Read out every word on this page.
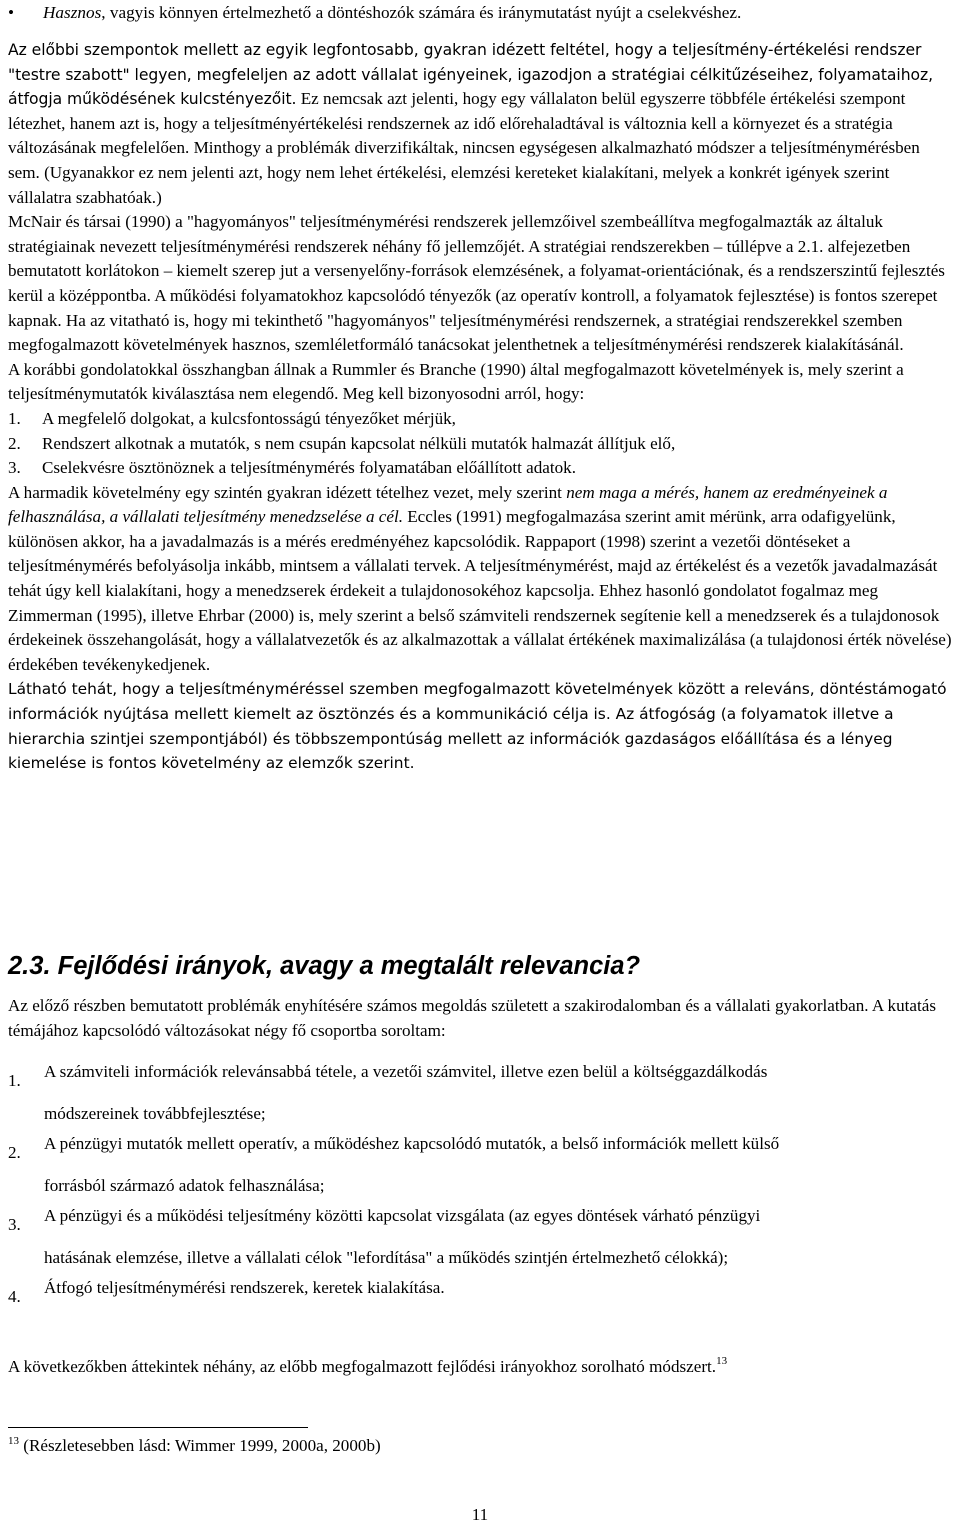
•	Hasznos, vagyis könnyen értelmezhető a döntéshozók számára és iránymutatást nyújt a cselekvéshez.

Az előbbi szempontok mellett az egyik legfontosabb, gyakran idézett feltétel, hogy a teljesítmény-értékelési rendszer "testre szabott" legyen, megfeleljen az adott vállalat igényeinek, igazodjon a stratégiai célkitűzéseihez, folyamataihoz, átfogja működésének kulcstényezőit. Ez nemcsak azt jelenti, hogy egy vállalaton belül egyszerre többféle értékelési szempont létezhet, hanem azt is, hogy a teljesítményértékelési rendszernek az idő előrehaladtával is változnia kell a környezet és a stratégia változásának megfelelően. Minthogy a problémák diverzifikáltak, nincsen egységesen alkalmazható módszer a teljesítménymérésben sem. (Ugyanakkor ez nem jelenti azt, hogy nem lehet értékelési, elemzési kereteket kialakítani, melyek a konkrét igények szerint vállalatra szabhatóak.)

McNair és társai (1990) a "hagyományos" teljesítménymérési rendszerek jellemzőivel szembeállítva megfogalmazták az általuk stratégiainak nevezett teljesítménymérési rendszerek néhány fő jellemzőjét. A stratégiai rendszerekben – túllépve a 2.1. alfejezetben bemutatott korlátokon – kiemelt szerep jut a versenyelőny-források elemzésének, a folyamat-orientációnak, és a rendszerszintű fejlesztés kerül a középpontba. A működési folyamatokhoz kapcsolódó tényezők (az operatív kontroll, a folyamatok fejlesztése) is fontos szerepet kapnak. Ha az vitatható is, hogy mi tekinthető "hagyományos" teljesítménymérési rendszernek, a stratégiai rendszerekkel szemben megfogalmazott követelmények hasznos, szemléletformáló tanácsokat jelenthetnek a teljesítménymérési rendszerek kialakításánál.

A korábbi gondolatokkal összhangban állnak a Rummler és Branche (1990) által megfogalmazott követelmények is, mely szerint a teljesítménymutatók kiválasztása nem elegendő. Meg kell bizonyosodni arról, hogy:

1.	A megfelelő dolgokat, a kulcsfontosságú tényezőket mérjük,
2.	Rendszert alkotnak a mutatók, s nem csupán kapcsolat nélküli mutatók halmazát állítjuk elő,
3.	Cselekvésre ösztönöznek a teljesítménymérés folyamatában előállított adatok.

A harmadik követelmény egy szintén gyakran idézett tételhez vezet, mely szerint nem maga a mérés, hanem az eredményeinek a felhasználása, a vállalati teljesítmény menedzselése a cél. Eccles (1991) megfogalmazása szerint amit mérünk, arra odafigyelünk, különösen akkor, ha a javadalmazás is a mérés eredményéhez kapcsolódik. Rappaport (1998) szerint a vezetői döntéseket a teljesítménymérés befolyásolja inkább, mintsem a vállalati tervek. A teljesítménymérést, majd az értékelést és a vezetők javadalmazását tehát úgy kell kialakítani, hogy a menedzserek érdekeit a tulajdonosokéhoz kapcsolja. Ehhez hasonló gondolatot fogalmaz meg Zimmerman (1995), illetve Ehrbar (2000) is, mely szerint a belső számviteli rendszernek segítenie kell a menedzserek és a tulajdonosok érdekeinek összehangolását, hogy a vállalatvezetők és az alkalmazottak a vállalat értékének maximalizálása (a tulajdonosi érték növelése) érdekében tevékenykedjenek.

Látható tehát, hogy a teljesítményméréssel szemben megfogalmazott követelmények között a releváns, döntéstámogató információk nyújtása mellett kiemelt az ösztönzés és a kommunikáció célja is. Az átfogóság (a folyamatok illetve a hierarchia szintjei szempontjából) és többszempontúság mellett az információk gazdaságos előállítása és a lényeg kiemelése is fontos követelmény az elemzők szerint.

2.3. Fejlődési irányok, avagy a megtalált relevancia?

Az előző részben bemutatott problémák enyhítésére számos megoldás született a szakirodalomban és a vállalati gyakorlatban. A kutatás témájához kapcsolódó változásokat négy fő csoportba soroltam:

1.	A számviteli információk relevánsabbá tétele, a vezetői számvitel, illetve ezen belül a költséggazdálkodás
módszereinek továbbfejlesztése;
2.	A pénzügyi mutatók mellett operatív, a működéshez kapcsolódó mutatók, a belső információk mellett külső
forrásból származó adatok felhasználása;
3.	A pénzügyi és a működési teljesítmény közötti kapcsolat vizsgálata (az egyes döntések várható pénzügyi
hatásának elemzése, illetve a vállalati célok "lefordítása" a működés szintjén értelmezhető célokká);
4.	Átfogó teljesítménymérési rendszerek, keretek kialakítása.
A következőkben áttekintek néhány, az előbb megfogalmazott fejlődési irányokhoz sorolható módszert.$^{13}$
$^{13}$ (Részletesebben lásd: Wimmer 1999, 2000a, 2000b)
11
